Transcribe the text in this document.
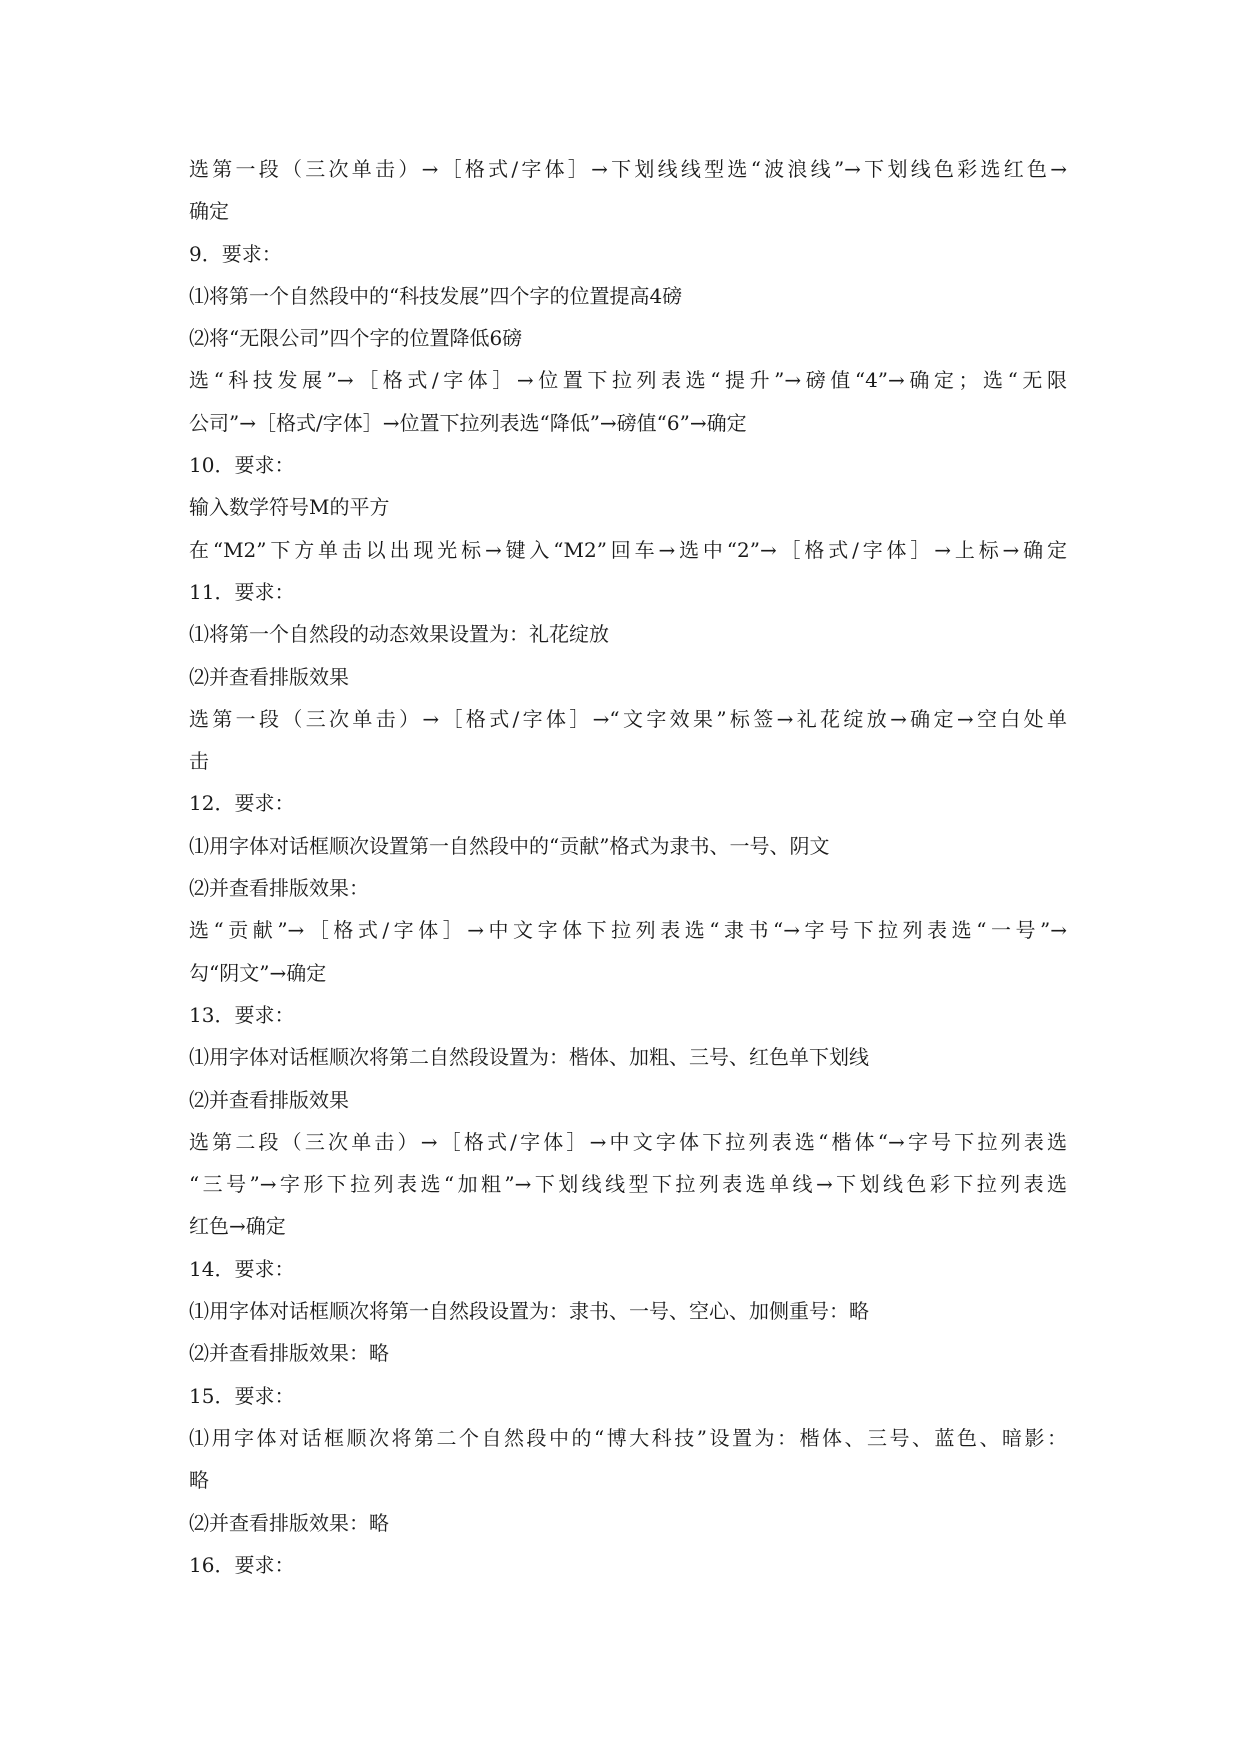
选第一段（三次单击）→［格式/字体］→下划线线型选“波浪线”→下划线色彩选红色→
确定
9．要求：
⑴将第一个自然段中的“科技发展”四个字的位置提高4磅
⑵将“无限公司”四个字的位置降低6磅
选“科技发展”→［格式/字体］→位置下拉列表选“提升”→磅值“4”→确定；选“无限
公司”→［格式/字体］→位置下拉列表选“降低”→磅值“6”→确定
10．要求：
输入数学符号M的平方
在“M2”下方单击以出现光标→键入“M2”回车→选中“2”→［格式/字体］→上标→确定
11．要求：
⑴将第一个自然段的动态效果设置为：礼花绽放
⑵并查看排版效果
选第一段（三次单击）→［格式/字体］→“文字效果”标签→礼花绽放→确定→空白处单
击
12．要求：
⑴用字体对话框顺次设置第一自然段中的“贡献”格式为隶书、一号、阴文
⑵并查看排版效果：
选“贡献”→［格式/字体］→中文字体下拉列表选“隶书“→字号下拉列表选“一号”→
勾“阴文”→确定
13．要求：
⑴用字体对话框顺次将第二自然段设置为：楷体、加粗、三号、红色单下划线
⑵并查看排版效果
选第二段（三次单击）→［格式/字体］→中文字体下拉列表选“楷体“→字号下拉列表选
“三号”→字形下拉列表选“加粗”→下划线线型下拉列表选单线→下划线色彩下拉列表选
红色→确定
14．要求：
⑴用字体对话框顺次将第一自然段设置为：隶书、一号、空心、加侧重号：略
⑵并查看排版效果：略
15．要求：
⑴用字体对话框顺次将第二个自然段中的“博大科技”设置为：楷体、三号、蓝色、暗影：
略
⑵并查看排版效果：略
16．要求：
